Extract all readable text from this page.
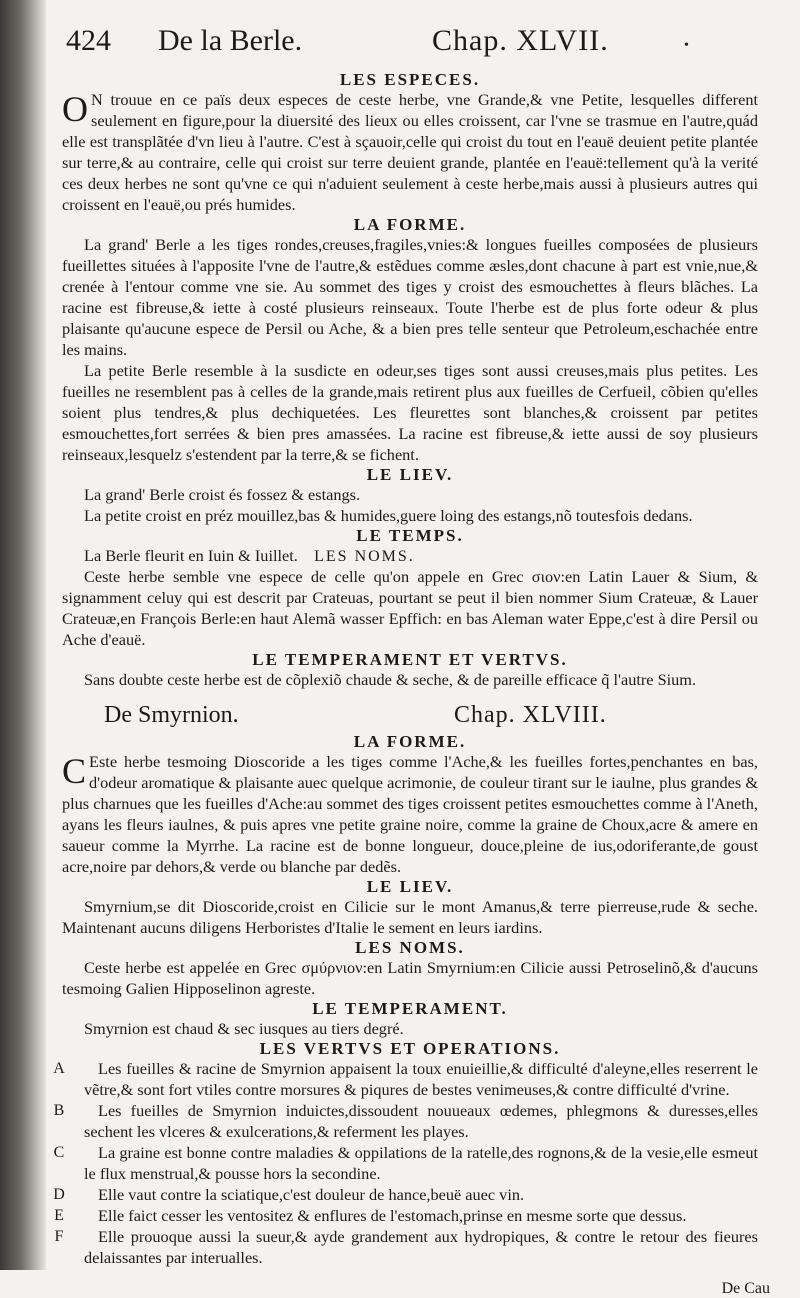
424 De la Berle.	Chap. XLVII.	•
LES ESPECES.

O N trouue en ce païs deux especes de ceste herbe, vne Grande,& vne Petite, lesquelles different seulement en figure,pour la diuersité des lieux ou elles croissent, car l'vne se trasmue en l'autre,quád elle est transplãtée d'vn lieu à l'autre. C'est à sçauoir,celle qui croist du tout en l'eauë deuient petite plantée sur terre,& au contraire, celle qui croist sur terre deuient grande, plantée en l'eauë:tellement qu'à la verité ces deux herbes ne sont qu'vne ce qui n'aduient seulement à ceste herbe,mais aussi à plusieurs autres qui croissent en l'eauë,ou prés humides.

LA FORME.

La grand' Berle a les tiges rondes,creuses,fragiles,vnies:& longues fueilles composées de plusieurs fueillettes situées à l'apposite l'vne de l'autre,& estẽdues comme æsles,dont chacune à part est vnie,nue,& crenée à l'entour comme vne sie. Au sommet des tiges y croist des esmouchettes à fleurs blãches. La racine est fibreuse,& iette à costé plusieurs reinseaux. Toute l'herbe est de plus forte odeur & plus plaisante qu'aucune espece de Persil ou Ache, & a bien pres telle senteur que Petroleum,eschachée entre les mains.

La petite Berle resemble à la susdicte en odeur,ses tiges sont aussi creuses,mais plus petites. Les fueilles ne resemblent pas à celles de la grande,mais retirent plus aux fueilles de Cerfueil, cõbien qu'elles soient plus tendres,& plus dechiquetées. Les fleurettes sont blanches,& croissent par petites esmouchettes,fort serrées & bien pres amassées. La racine est fibreuse,& iette aussi de soy plusieurs reinseaux,lesquelz s'estendent par la terre,& se fichent.

LE LIEV.

La grand' Berle croist és fossez & estangs.

La petite croist en préz mouillez,bas & humides,guere loing des estangs,nõ toutesfois dedans.

LE TEMPS.

La Berle fleurit en Iuin & Iuillet. LES NOMS.

Ceste herbe semble vne espece de celle qu'on appele en Grec σιον:en Latin Lauer & Sium, & signamment celuy qui est descrit par Crateuas, pourtant se peut il bien nommer Sium Crateuæ, & Lauer Crateuæ,en François Berle:en haut Alemã wasser Epffich: en bas Aleman water Eppe,c'est à dire Persil ou Ache d'eauë.

LE TEMPERAMENT ET VERTVS.

Sans doubte ceste herbe est de cõplexiõ chaude & seche, & de pareille efficace q̃ l'autre Sium.

De Smyrnion.	Chap. XLVIII.
LA FORME.

C Este herbe tesmoing Dioscoride a les tiges comme l'Ache,& les fueilles fortes,penchantes en bas, d'odeur aromatique & plaisante auec quelque acrimonie, de couleur tirant sur le iaulne, plus grandes & plus charnues que les fueilles d'Ache:au sommet des tiges croissent petites esmouchettes comme à l'Aneth, ayans les fleurs iaulnes, & puis apres vne petite graine noire, comme la graine de Choux,acre & amere en saueur comme la Myrrhe. La racine est de bonne longueur, douce,pleine de ius,odoriferante,de goust acre,noire par dehors,& verde ou blanche par dedẽs.

LE LIEV.

Smyrnium,se dit Dioscoride,croist en Cilicie sur le mont Amanus,& terre pierreuse,rude & seche. Maintenant aucuns diligens Herboristes d'Italie le sement en leurs iardins.

LES NOMS.

Ceste herbe est appelée en Grec σμύρνιον:en Latin Smyrnium:en Cilicie aussi Petroselinõ,& d'aucuns tesmoing Galien Hipposelinon agreste.

LE TEMPERAMENT.

Smyrnion est chaud & sec iusques au tiers degré.

LES VERTVS ET OPERATIONS.
A	Les fueilles & racine de Smyrnion appaisent la toux enuieillie,& difficulté d'aleyne,elles reserrent le vẽtre,& sont fort vtiles contre morsures & piqures de bestes venimeuses,& contre difficulté d'vrine.

B	Les fueilles de Smyrnion induictes,dissoudent nouueaux œdemes, phlegmons & duresses,elles sechent les vlceres & exulcerations,& referment les playes.

C	La graine est bonne contre maladies & oppilations de la ratelle,des rognons,& de la vesie,elle esmeut le flux menstrual,& pousse hors la secondine.

D	Elle vaut contre la sciatique,c'est douleur de hance,beuë auec vin.

E	Elle faict cesser les ventositez & enflures de l'estomach,prinse en mesme sorte que dessus.

F	Elle prouoque aussi la sueur,& ayde grandement aux hydropiques, & contre le retour des fieures delaissantes par interualles.

De Cau
